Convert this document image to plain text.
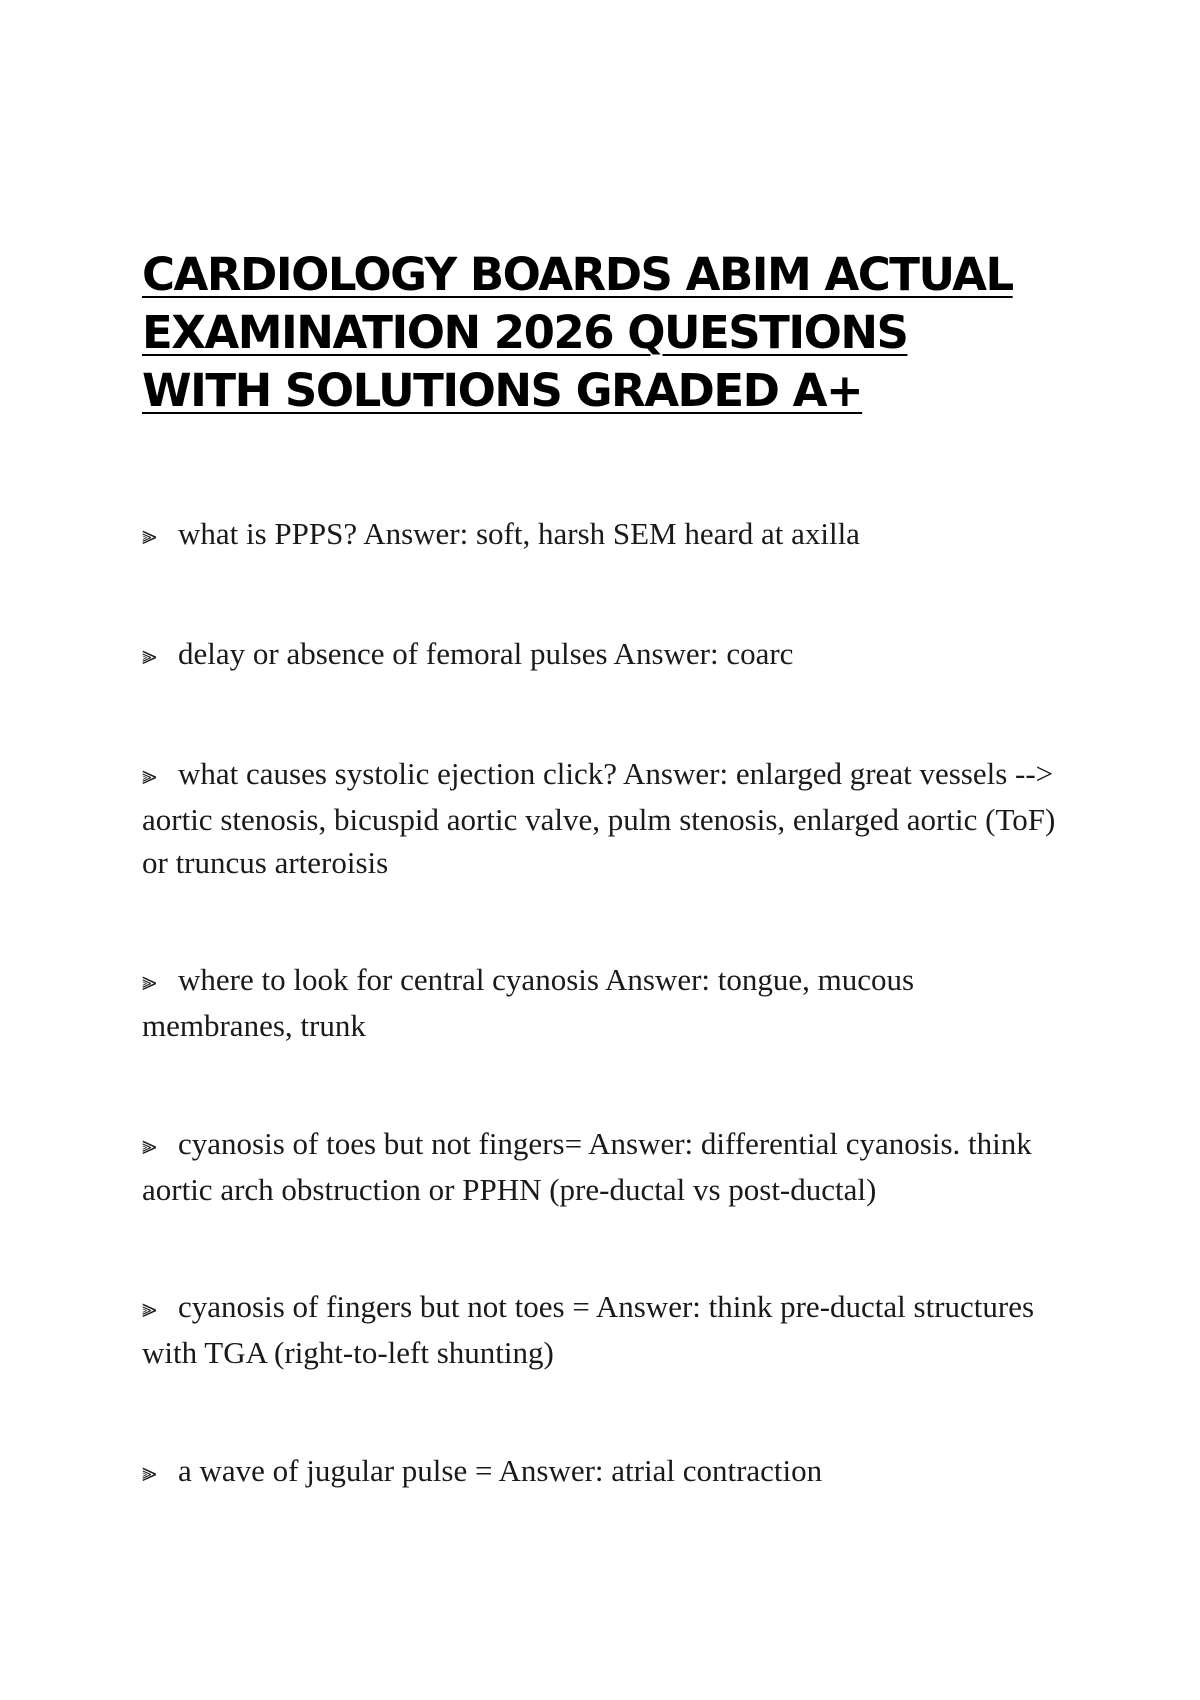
CARDIOLOGY BOARDS ABIM ACTUAL EXAMINATION 2026 QUESTIONS WITH SOLUTIONS GRADED A+

⫸ what is PPPS? Answer: soft, harsh SEM heard at axilla

⫸ delay or absence of femoral pulses Answer: coarc

⫸ what causes systolic ejection click? Answer: enlarged great vessels --> aortic stenosis, bicuspid aortic valve, pulm stenosis, enlarged aortic (ToF) or truncus arteroisis

⫸ where to look for central cyanosis Answer: tongue, mucous membranes, trunk

⫸ cyanosis of toes but not fingers= Answer: differential cyanosis. think aortic arch obstruction or PPHN (pre-ductal vs post-ductal)

⫸ cyanosis of fingers but not toes = Answer: think pre-ductal structures with TGA (right-to-left shunting)

⫸ a wave of jugular pulse = Answer: atrial contraction
